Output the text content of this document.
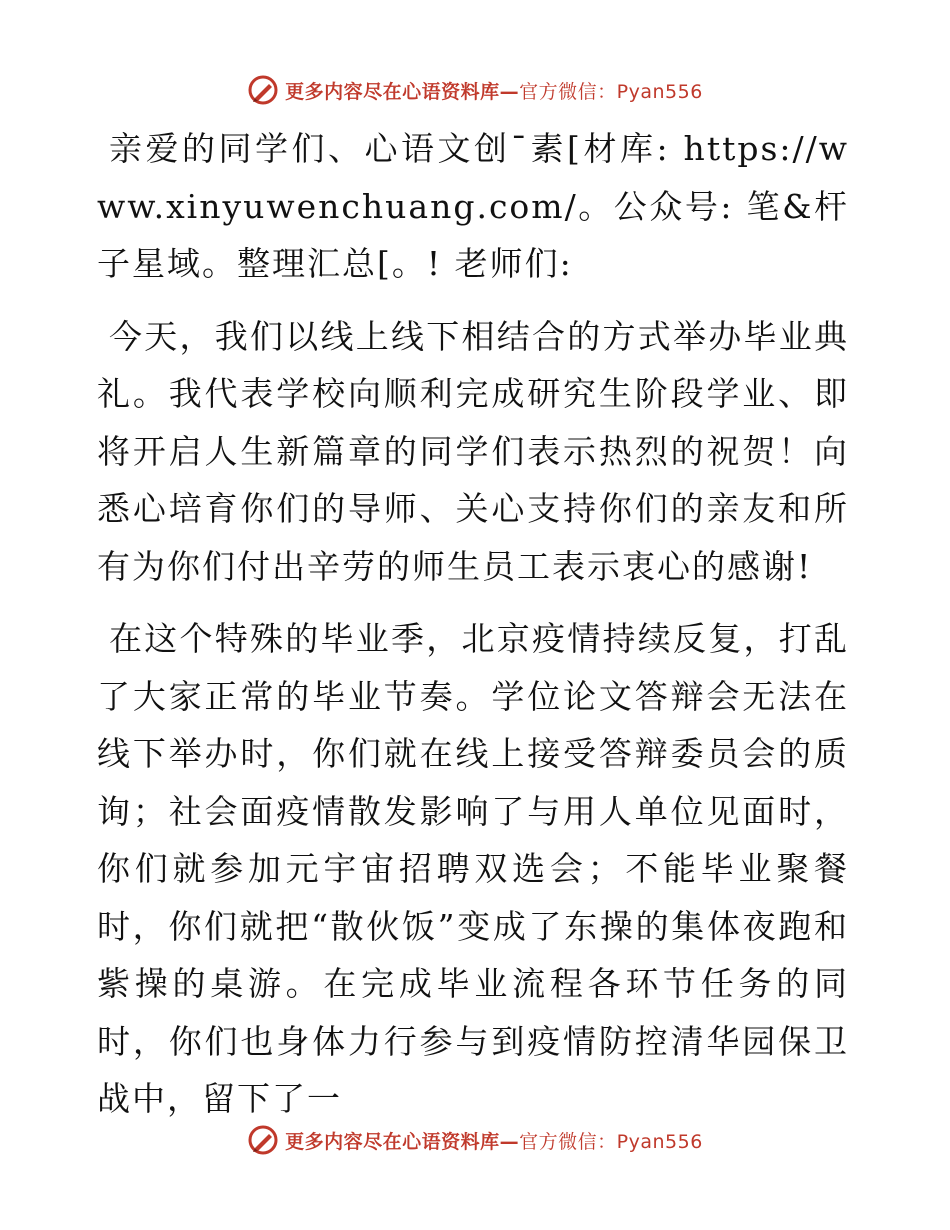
更多内容尽在心语资料库—官方微信：Pyan556

亲爱的同学们、心语文创¯素[材库: https://www.xinyuwenchuang.com/。公众号: 笔&杆子星域。整理汇总[。! 老师们:

今天，我们以线上线下相结合的方式举办毕业典礼。我代表学校向顺利完成研究生阶段学业、即将开启人生新篇章的同学们表示热烈的祝贺！向悉心培育你们的导师、关心支持你们的亲友和所有为你们付出辛劳的师生员工表示衷心的感谢!

在这个特殊的毕业季，北京疫情持续反复，打乱了大家正常的毕业节奏。学位论文答辩会无法在线下举办时，你们就在线上接受答辩委员会的质询；社会面疫情散发影响了与用人单位见面时，你们就参加元宇宙招聘双选会；不能毕业聚餐时，你们就把“散伙饭”变成了东操的集体夜跑和紫操的桌游。在完成毕业流程各环节任务的同时，你们也身体力行参与到疫情防控清华园保卫战中，留下了一

更多内容尽在心语资料库—官方微信：Pyan556
